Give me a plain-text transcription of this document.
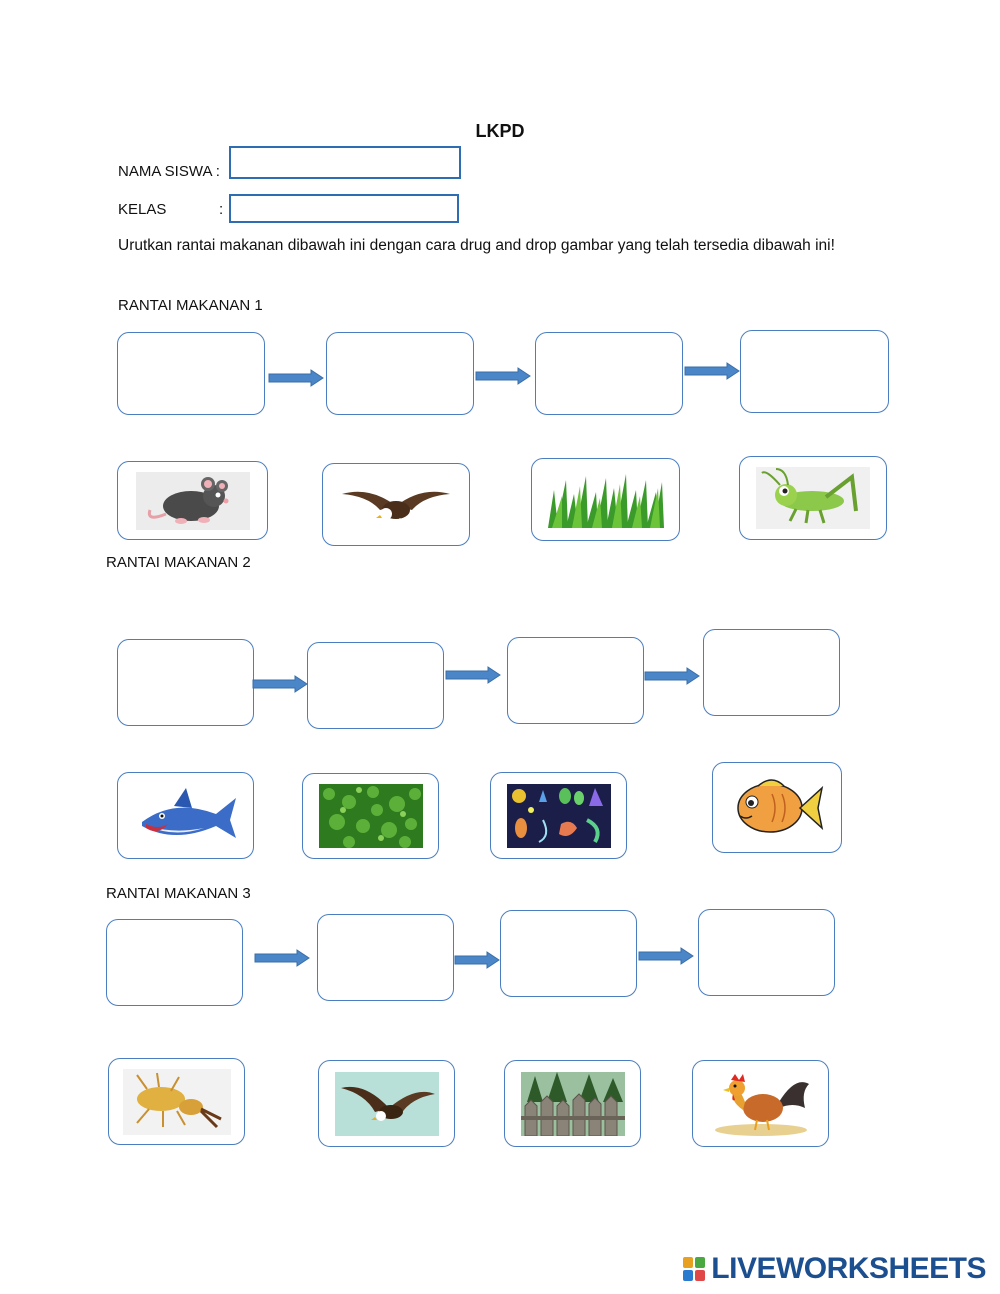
LKPD
NAMA SISWA :
KELAS	:
Urutkan rantai makanan dibawah ini dengan cara drug and drop gambar yang telah tersedia dibawah ini!
RANTAI MAKANAN 1
RANTAI MAKANAN 2
RANTAI MAKANAN 3
LIVEWORKSHEETS
